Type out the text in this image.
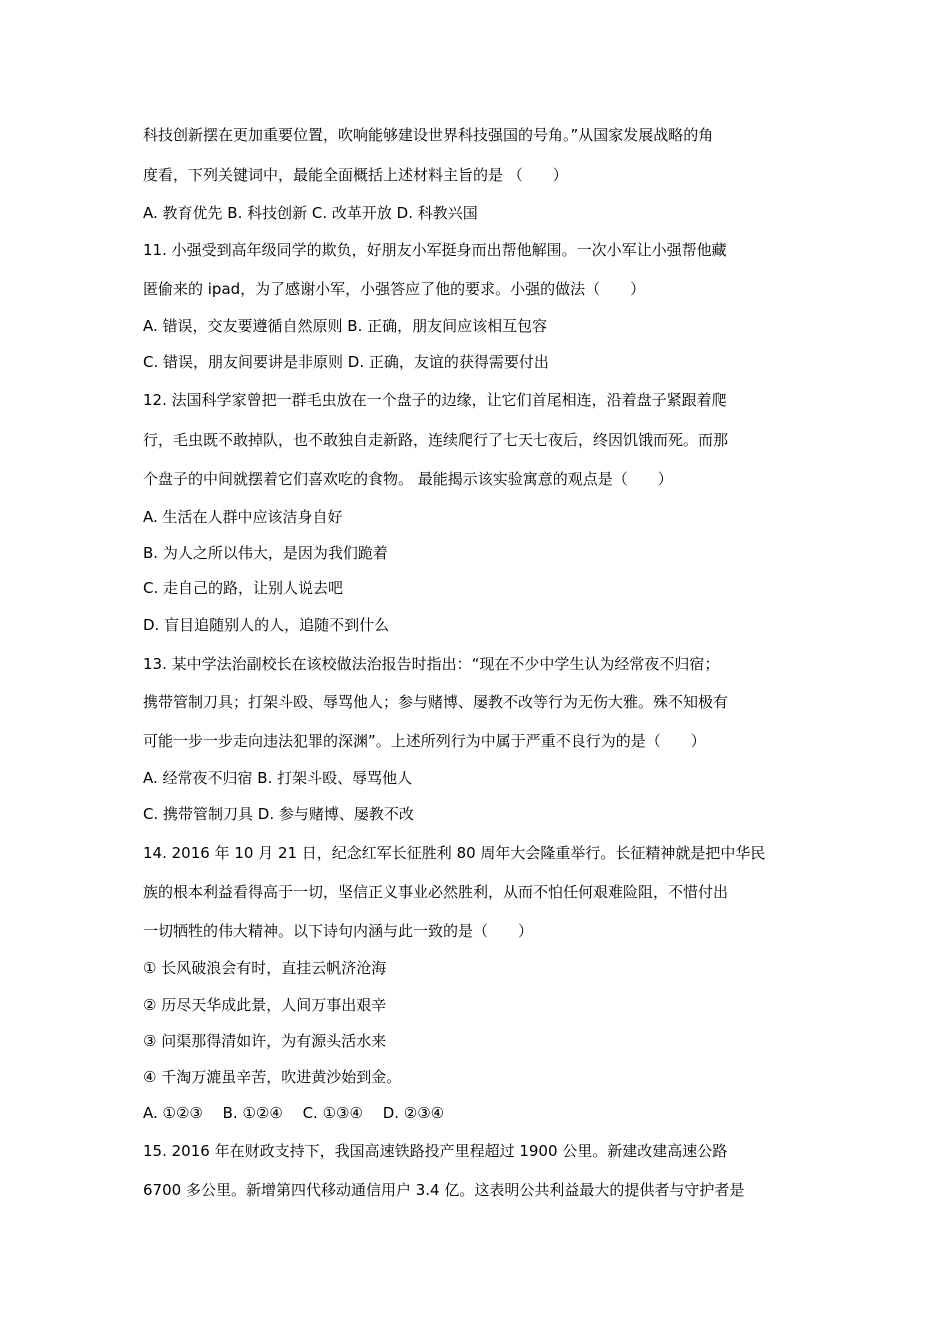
科技创新摆在更加重要位置，吹响能够建设世界科技强国的号角。”从国家发展战略的角
度看，下列关键词中，最能全面概括上述材料主旨的是 （　　）
A. 教育优先 B. 科技创新 C. 改革开放 D. 科教兴国
11. 小强受到高年级同学的欺负，好朋友小军挺身而出帮他解围。一次小军让小强帮他藏
匿偷来的 ipad，为了感谢小军，小强答应了他的要求。小强的做法（　　）
A. 错误，交友要遵循自然原则 B. 正确，朋友间应该相互包容
C. 错误，朋友间要讲是非原则 D. 正确，友谊的获得需要付出
12. 法国科学家曾把一群毛虫放在一个盘子的边缘，让它们首尾相连，沿着盘子紧跟着爬
行，毛虫既不敢掉队，也不敢独自走新路，连续爬行了七天七夜后，终因饥饿而死。而那
个盘子的中间就摆着它们喜欢吃的食物。 最能揭示该实验寓意的观点是（　　）
A. 生活在人群中应该洁身自好
B. 为人之所以伟大，是因为我们跪着
C. 走自己的路，让别人说去吧
D. 盲目追随别人的人，追随不到什么
13. 某中学法治副校长在该校做法治报告时指出：“现在不少中学生认为经常夜不归宿；
携带管制刀具；打架斗殴、辱骂他人；参与赌博、屡教不改等行为无伤大雅。殊不知极有
可能一步一步走向违法犯罪的深渊”。上述所列行为中属于严重不良行为的是（　　）
A. 经常夜不归宿 B. 打架斗殴、辱骂他人
C. 携带管制刀具 D. 参与赌博、屡教不改
14. 2016 年 10 月 21 日，纪念红军长征胜利 80 周年大会隆重举行。长征精神就是把中华民
族的根本利益看得高于一切，坚信正义事业必然胜利，从而不怕任何艰难险阻，不惜付出
一切牺牲的伟大精神。以下诗句内涵与此一致的是（　　）
① 长风破浪会有时，直挂云帆济沧海
② 历尽天华成此景，人间万事出艰辛
③ 问渠那得清如许，为有源头活水来
④ 千淘万漉虽辛苦，吹进黄沙始到金。
A. ①②③　 B. ①②④　 C. ①③④　 D. ②③④
15. 2016 年在财政支持下，我国高速铁路投产里程超过 1900 公里。新建改建高速公路
6700 多公里。新增第四代移动通信用户 3.4 亿。这表明公共利益最大的提供者与守护者是
